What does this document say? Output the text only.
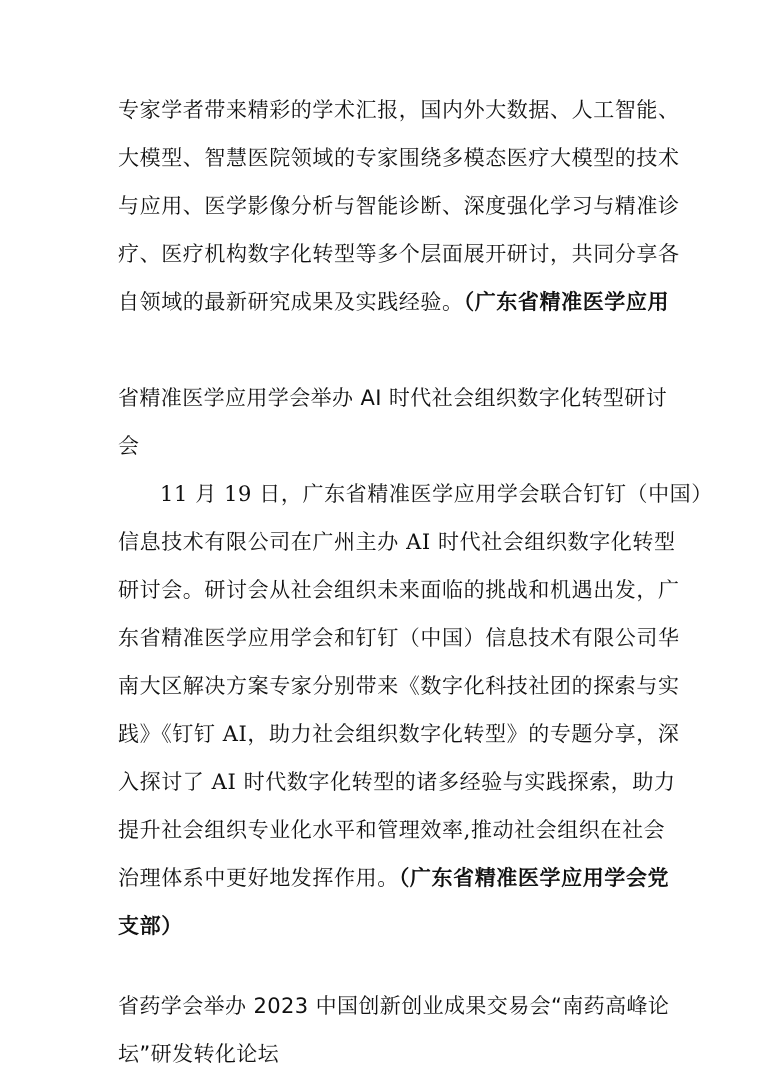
专家学者带来精彩的学术汇报，国内外大数据、人工智能、
大模型、智慧医院领域的专家围绕多模态医疗大模型的技术
与应用、医学影像分析与智能诊断、深度强化学习与精准诊
疗、医疗机构数字化转型等多个层面展开研讨，共同分享各
自领域的最新研究成果及实践经验。（广东省精准医学应用
省精准医学应用学会举办 AI 时代社会组织数字化转型研讨
会
11 月 19 日，广东省精准医学应用学会联合钉钉（中国）
信息技术有限公司在广州主办 AI 时代社会组织数字化转型
研讨会。研讨会从社会组织未来面临的挑战和机遇出发，广
东省精准医学应用学会和钉钉（中国）信息技术有限公司华
南大区解决方案专家分别带来《数字化科技社团的探索与实
践》《钉钉 AI，助力社会组织数字化转型》的专题分享，深
入探讨了 AI 时代数字化转型的诸多经验与实践探索，助力
提升社会组织专业化水平和管理效率,推动社会组织在社会
治理体系中更好地发挥作用。（广东省精准医学应用学会党
支部）
省药学会举办 2023 中国创新创业成果交易会“南药高峰论
坛”研发转化论坛
